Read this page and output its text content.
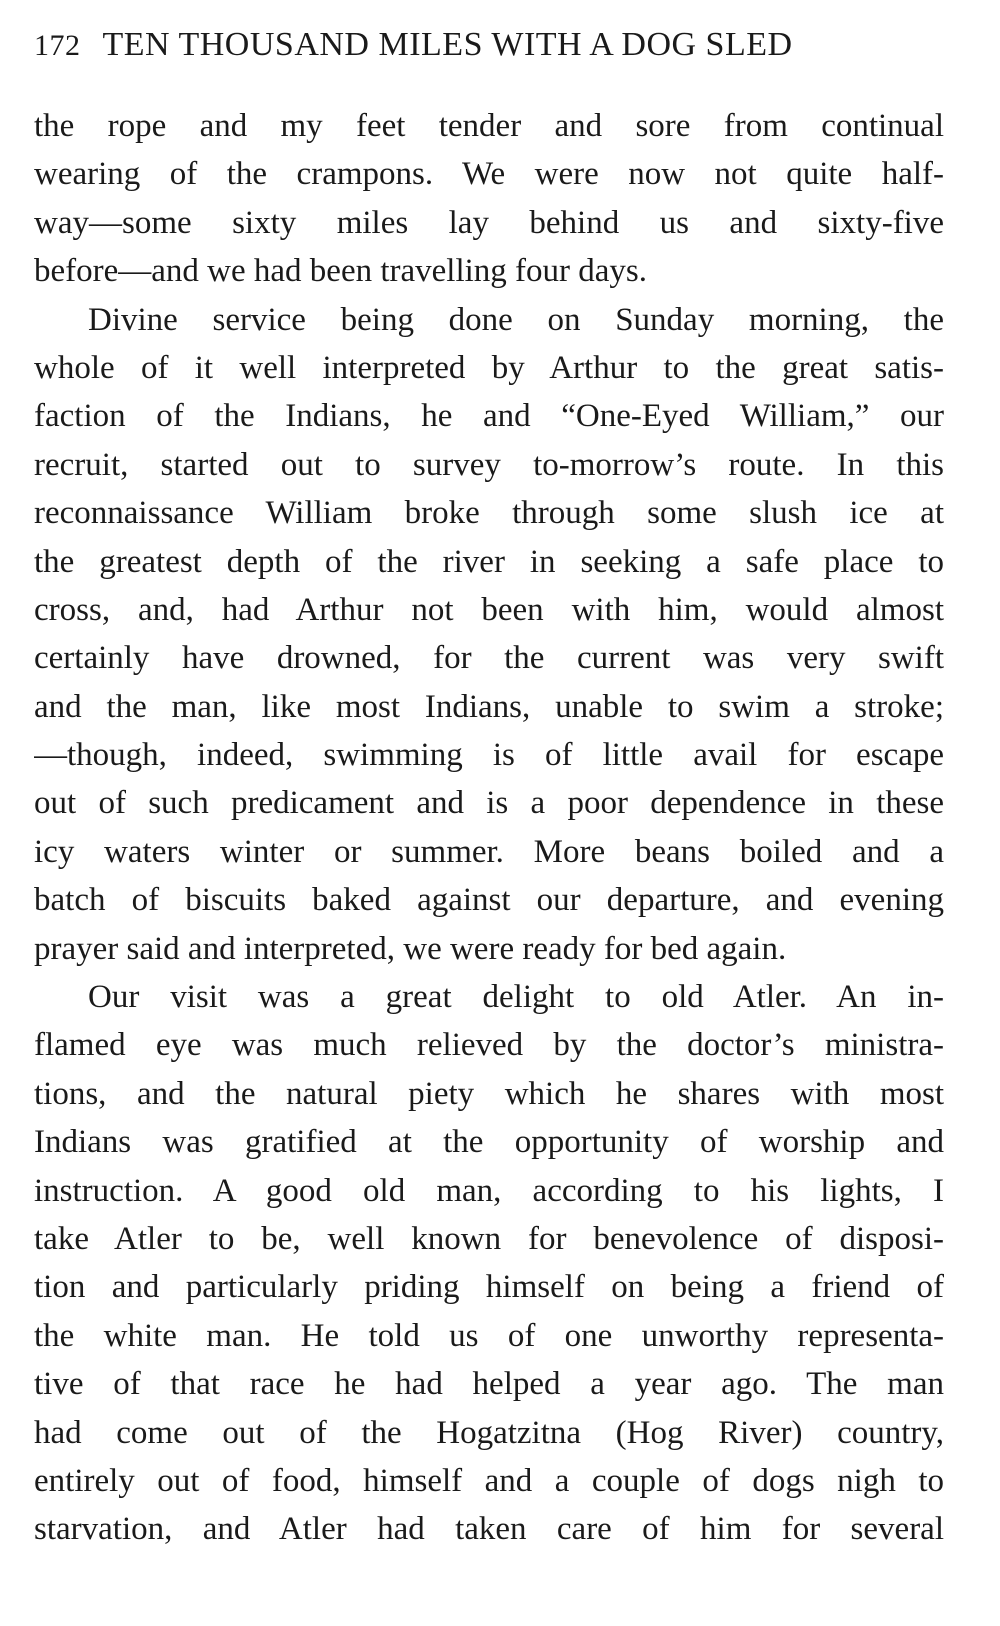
172 TEN THOUSAND MILES WITH A DOG SLED
the rope and my feet tender and sore from continual
wearing of the crampons. We were now not quite half-
way—some sixty miles lay behind us and sixty-five
before—and we had been travelling four days.
Divine service being done on Sunday morning, the
whole of it well interpreted by Arthur to the great satis-
faction of the Indians, he and “One-Eyed William,” our
recruit, started out to survey to-morrow’s route. In this
reconnaissance William broke through some slush ice at
the greatest depth of the river in seeking a safe place to
cross, and, had Arthur not been with him, would almost
certainly have drowned, for the current was very swift
and the man, like most Indians, unable to swim a stroke;
—though, indeed, swimming is of little avail for escape
out of such predicament and is a poor dependence in these
icy waters winter or summer. More beans boiled and a
batch of biscuits baked against our departure, and evening
prayer said and interpreted, we were ready for bed again.
Our visit was a great delight to old Atler. An in-
flamed eye was much relieved by the doctor’s ministra-
tions, and the natural piety which he shares with most
Indians was gratified at the opportunity of worship and
instruction. A good old man, according to his lights, I
take Atler to be, well known for benevolence of disposi-
tion and particularly priding himself on being a friend of
the white man. He told us of one unworthy representa-
tive of that race he had helped a year ago. The man
had come out of the Hogatzitna (Hog River) country,
entirely out of food, himself and a couple of dogs nigh to
starvation, and Atler had taken care of him for several
